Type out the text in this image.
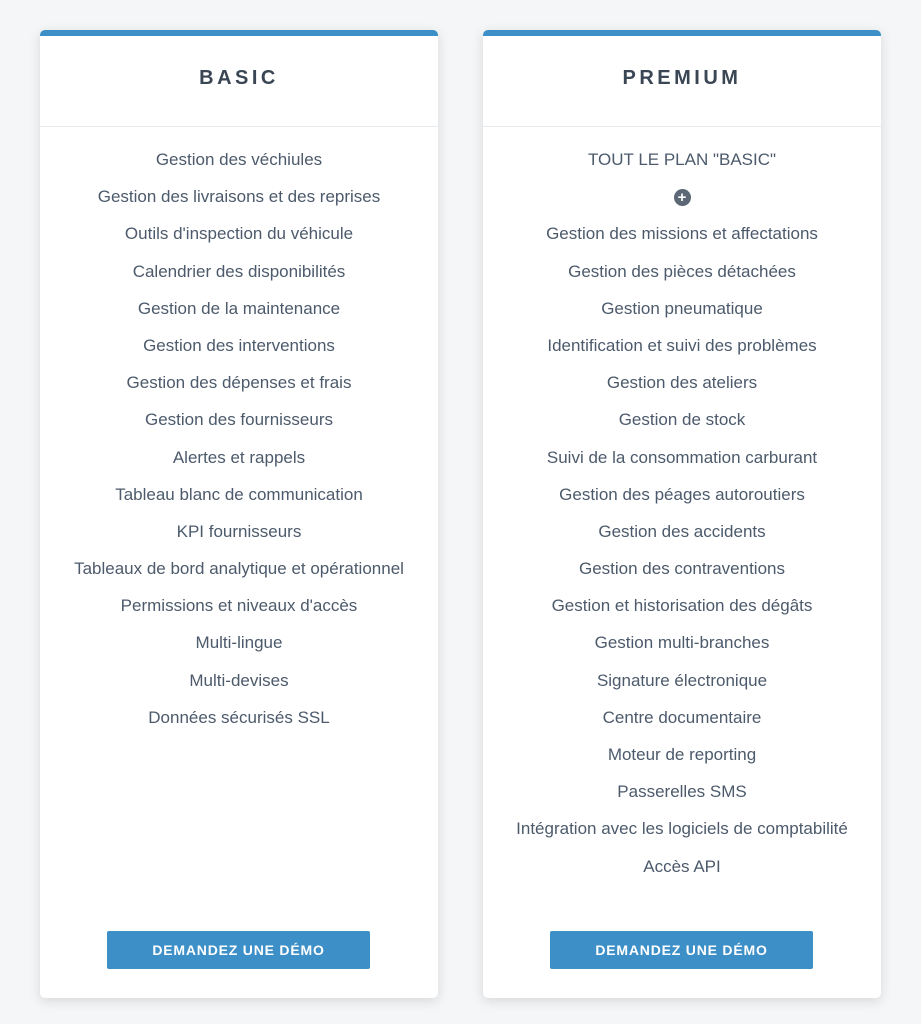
BASIC
Gestion des véchiules
Gestion des livraisons et des reprises
Outils d'inspection du véhicule
Calendrier des disponibilités
Gestion de la maintenance
Gestion des interventions
Gestion des dépenses et frais
Gestion des fournisseurs
Alertes et rappels
Tableau blanc de communication
KPI fournisseurs
Tableaux de bord analytique et opérationnel
Permissions et niveaux d'accès
Multi-lingue
Multi-devises
Données sécurisés SSL
DEMANDEZ UNE DÉMO
PREMIUM
TOUT LE PLAN "BASIC"
+
Gestion des missions et affectations
Gestion des pièces détachées
Gestion pneumatique
Identification et suivi des problèmes
Gestion des ateliers
Gestion de stock
Suivi de la consommation carburant
Gestion des péages autoroutiers
Gestion des accidents
Gestion des contraventions
Gestion et historisation des dégâts
Gestion multi-branches
Signature électronique
Centre documentaire
Moteur de reporting
Passerelles SMS
Intégration avec les logiciels de comptabilité
Accès API
DEMANDEZ UNE DÉMO
